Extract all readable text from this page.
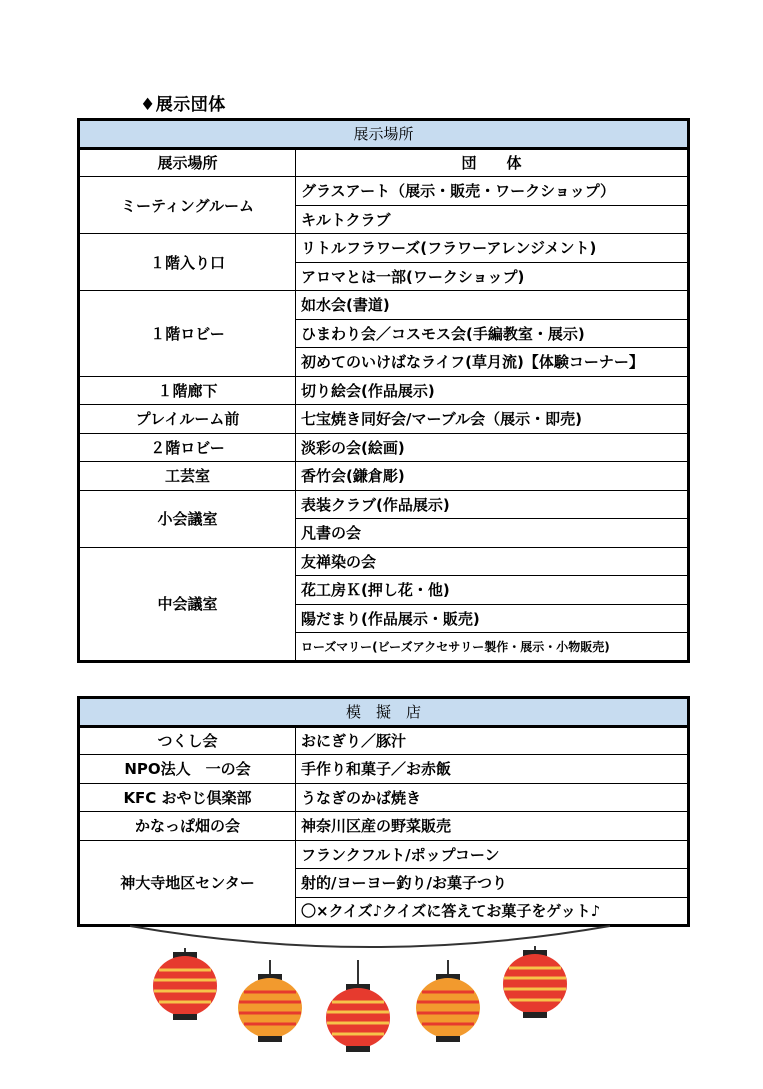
♦展示団体
展示場所	
展示場所	団　　体
ミーティングルーム	グラスアート（展示・販売・ワークショップ）
	キルトクラブ
１階入り口	リトルフラワーズ(フラワーアレンジメント)
	アロマとは一部(ワークショップ)
１階ロビー	如水会(書道)
	ひまわり会／コスモス会(手編教室・展示)
	初めてのいけばなライフ(草月流)【体験コーナー】
１階廊下	切り絵会(作品展示)
プレイルーム前	七宝焼き同好会/マーブル会（展示・即売)
２階ロビー	淡彩の会(絵画)
工芸室	香竹会(鎌倉彫)
小会議室	表装クラブ(作品展示)
	凡書の会
中会議室	友禅染の会
	花工房Ｋ(押し花・他)
	陽だまり(作品展示・販売)
	ローズマリー(ビーズアクセサリー製作・展示・小物販売)
模　擬　店	
つくし会	おにぎり／豚汁
NPO法人　一の会	手作り和菓子／お赤飯
KFC おやじ倶楽部	うなぎのかば焼き
かなっぱ畑の会	神奈川区産の野菜販売
神大寺地区センター	フランクフルト/ポップコーン
	射的/ヨーヨー釣り/お菓子つり
	〇×クイズ♪クイズに答えてお菓子をゲット♪
